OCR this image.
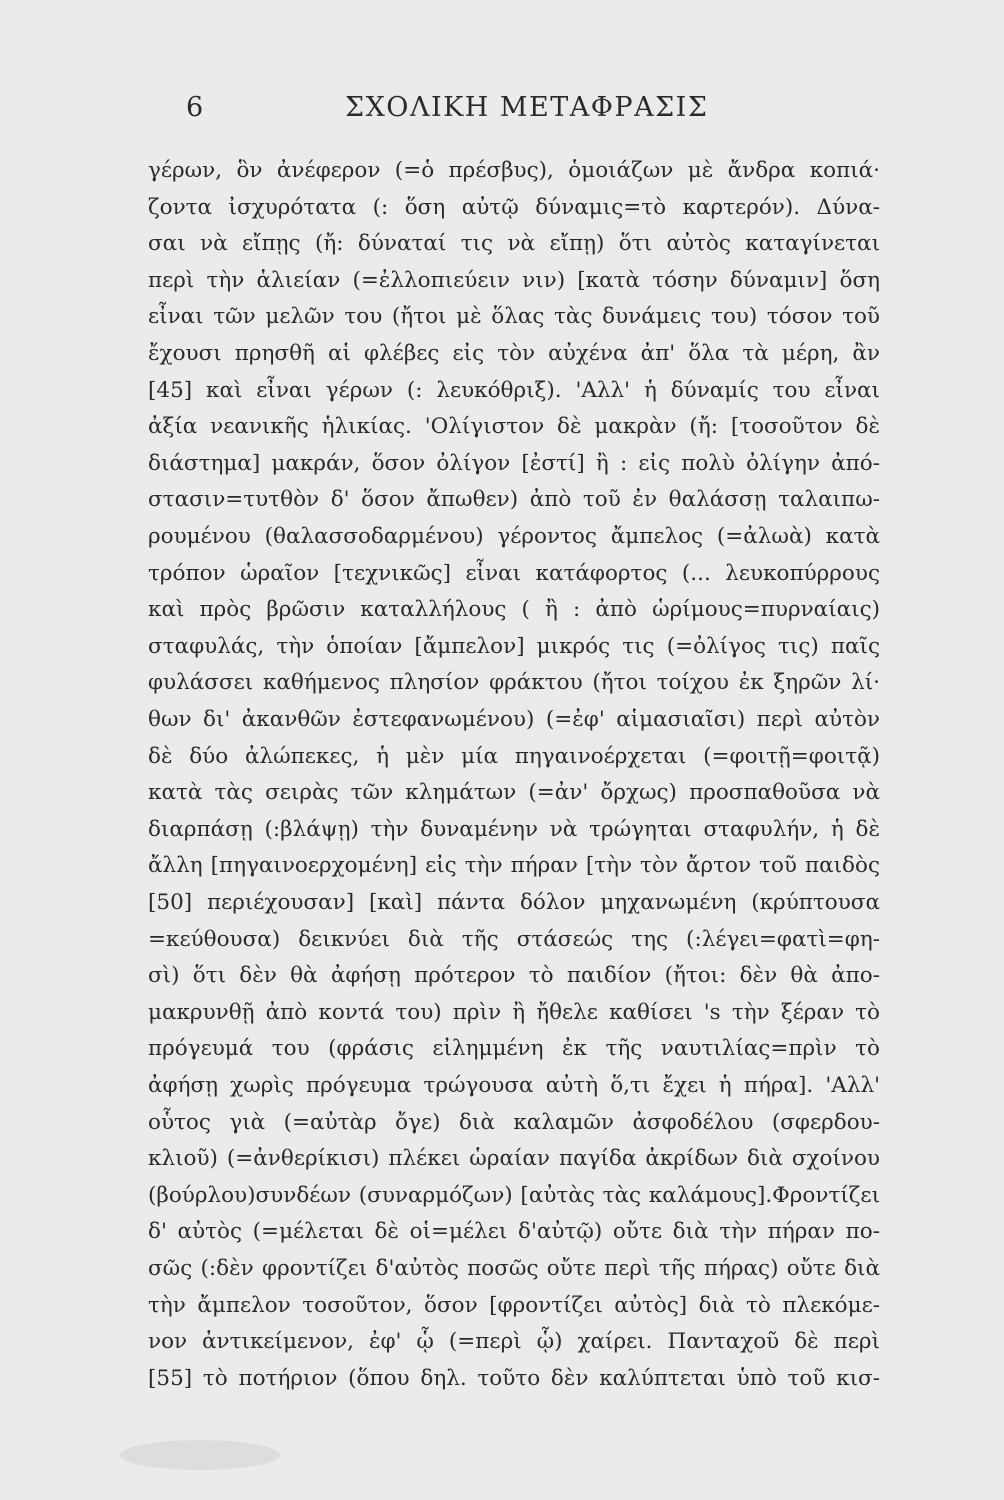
6	ΣΧΟΛΙΚΗ ΜΕΤΑΦΡΑΣΙΣ
γέρων, ὃν ἀνέφερον (=ὁ πρέσβυς), ὁμοιάζων μὲ ἄνδρα κοπιά·
ζοντα ἰσχυρότατα (: ὅση αὐτῷ δύναμις=τὸ καρτερόν). Δύνα-
σαι νὰ εἴπῃς (ἤ: δύναταί τις νὰ εἴπῃ) ὅτι αὐτὸς καταγίνεται
περὶ τὴν ἁλιείαν (=ἐλλοπιεύειν νιν) [κατὰ τόσην δύναμιν] ὅση
εἶναι τῶν μελῶν του (ἤτοι μὲ ὅλας τὰς δυνάμεις του) τόσον τοῦ
ἔχουσι πρησθῆ αἱ φλέβες εἰς τὸν αὐχένα ἀπ' ὅλα τὰ μέρη, ἂν
[45] καὶ εἶναι γέρων (: λευκόθριξ). 'Αλλ' ἡ δύναμίς του εἶναι
ἀξία νεανικῆς ἡλικίας. 'Ολίγιστον δὲ μακρὰν (ἤ: [τοσοῦτον δὲ
διάστημα] μακράν, ὅσον ὀλίγον [ἐστί] ἢ : εἰς πολὺ ὀλίγην ἀπό-
στασιν=τυτθὸν δ' ὅσον ἄπωθεν) ἀπὸ τοῦ ἐν θαλάσσῃ ταλαιπω-
ρουμένου (θαλασσοδαρμένου) γέροντος ἄμπελος (=ἀλωὰ) κατὰ
τρόπον ὡραῖον [τεχνικῶς] εἶναι κατάφορτος (... λευκοπύρρους
καὶ πρὸς βρῶσιν καταλλήλους ( ἢ : ἀπὸ ὡρίμους=πυρναίαις)
σταφυλάς, τὴν ὁποίαν [ἄμπελον] μικρός τις (=ὀλίγος τις) παῖς
φυλάσσει καθήμενος πλησίον φράκτου (ἤτοι τοίχου ἐκ ξηρῶν λί·
θων δι' ἀκανθῶν ἐστεφανωμένου) (=ἐφ' αἱμασιαῖσι) περὶ αὐτὸν
δὲ δύο ἀλώπεκες, ἡ μὲν μία πηγαινοέρχεται (=φοιτῇ=φοιτᾷ)
κατὰ τὰς σειρὰς τῶν κλημάτων (=ἀν' ὄρχως) προσπαθοῦσα νὰ
διαρπάσῃ (:βλάψῃ) τὴν δυναμένην νὰ τρώγηται σταφυλήν, ἡ δὲ
ἄλλη [πηγαινοερχομένη] εἰς τὴν πήραν [τὴν τὸν ἄρτον τοῦ παιδὸς
[50] περιέχουσαν] [καὶ] πάντα δόλον μηχανωμένη (κρύπτουσα
=κεύθουσα) δεικνύει διὰ τῆς στάσεώς της (:λέγει=φατὶ=φη-
σὶ) ὅτι δὲν θὰ ἀφήσῃ πρότερον τὸ παιδίον (ἤτοι: δὲν θὰ ἀπο-
μακρυνθῇ ἀπὸ κοντά του) πρὶν ἢ ἤθελε καθίσει 's τὴν ξέραν τὸ
πρόγευμά του (φράσις εἰλημμένη ἐκ τῆς ναυτιλίας=πρὶν τὸ
ἀφήσῃ χωρὶς πρόγευμα τρώγουσα αὐτὴ ὅ,τι ἔχει ἡ πήρα]. 'Αλλ'
οὗτος γιὰ (=αὐτὰρ ὄγε) διὰ καλαμῶν ἀσφοδέλου (σφερδου-
κλιοῦ) (=ἀνθερίκισι) πλέκει ὡραίαν παγίδα ἀκρίδων διὰ σχοίνου
(βούρλου)συνδέων (συναρμόζων) [αὐτὰς τὰς καλάμους].Φροντίζει
δ' αὐτὸς (=μέλεται δὲ οἱ=μέλει δ'αὐτῷ) οὔτε διὰ τὴν πήραν πο-
σῶς (:δὲν φροντίζει δ'αὐτὸς ποσῶς οὔτε περὶ τῆς πήρας) οὔτε διὰ
τὴν ἄμπελον τοσοῦτον, ὅσον [φροντίζει αὐτὸς] διὰ τὸ πλεκόμε-
νον ἀντικείμενον, ἐφ' ᾧ (=περὶ ᾧ) χαίρει. Πανταχοῦ δὲ περὶ
[55] τὸ ποτήριον (ὅπου δηλ. τοῦτο δὲν καλύπτεται ὑπὸ τοῦ κισ-
